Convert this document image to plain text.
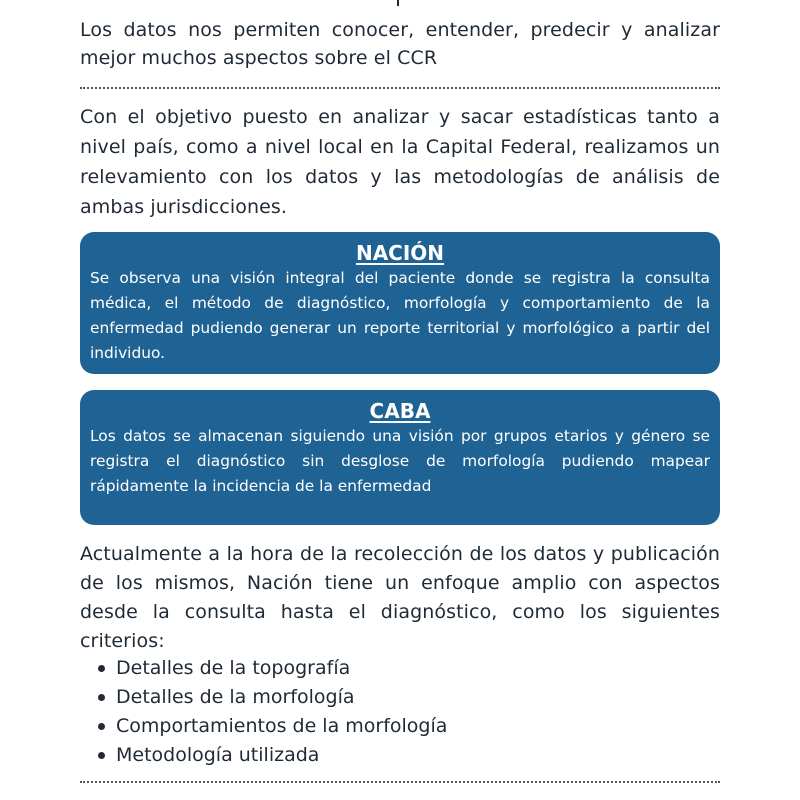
Los datos nos permiten conocer, entender, predecir y analizar mejor muchos aspectos sobre el CCR

Con el objetivo puesto en analizar y sacar estadísticas tanto a nivel país, como a nivel local en la Capital Federal, realizamos un relevamiento con los datos y las metodologías de análisis de ambas jurisdicciones.

NACIÓN

Se observa una visión integral del paciente donde se registra la consulta médica, el método de diagnóstico, morfología y comportamiento de la enfermedad pudiendo generar un reporte territorial y morfológico a partir del individuo.

CABA

Los datos se almacenan siguiendo una visión por grupos etarios y género se registra el diagnóstico sin desglose de morfología pudiendo mapear rápidamente la incidencia de la enfermedad

Actualmente a la hora de la recolección de los datos y publicación de los mismos, Nación tiene un enfoque amplio con aspectos desde la consulta hasta el diagnóstico, como los siguientes criterios:

Detalles de la topografía
Detalles de la morfología
Comportamientos de la morfología
Metodología utilizada
